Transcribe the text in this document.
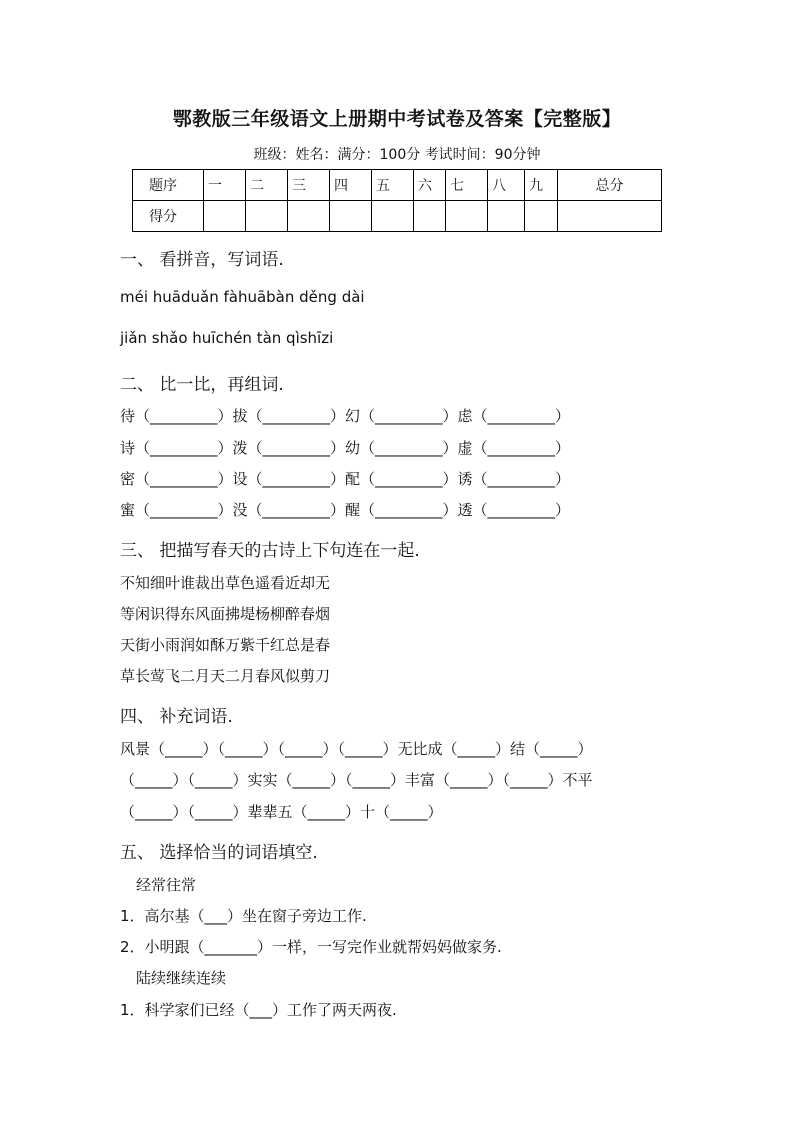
鄂教版三年级语文上册期中考试卷及答案【完整版】
班级：姓名：满分：100分 考试时间：90分钟
题序	一	二	三	四	五	六	七	八	九	总分
得分										
一、 看拼音，写词语.
méi huāduǎn fàhuābàn děng dài
jiǎn shǎo huīchén tàn qìshīzi
二、 比一比，再组词.
待（_________）拔（_________）幻（_________）虑（_________）
诗（_________）泼（_________）幼（_________）虚（_________）
密（_________）设（_________）配（_________）诱（_________）
蜜（_________）没（_________）醒（_________）透（_________）
三、 把描写春天的古诗上下句连在一起.
不知细叶谁裁出草色遥看近却无
等闲识得东风面拂堤杨柳醉春烟
天街小雨润如酥万紫千红总是春
草长莺飞二月天二月春风似剪刀
四、 补充词语.
风景（_____）（_____）（_____）（_____）无比成（_____）结（_____）
（_____）（_____）实实（_____）（_____）丰富（_____）（_____）不平
（_____）（_____）辈辈五（_____）十（_____）
五、 选择恰当的词语填空.
经常往常
1．高尔基（___）坐在窗子旁边工作.
2．小明跟（_______）一样，一写完作业就帮妈妈做家务.
陆续继续连续
1．科学家们已经（___）工作了两天两夜.
